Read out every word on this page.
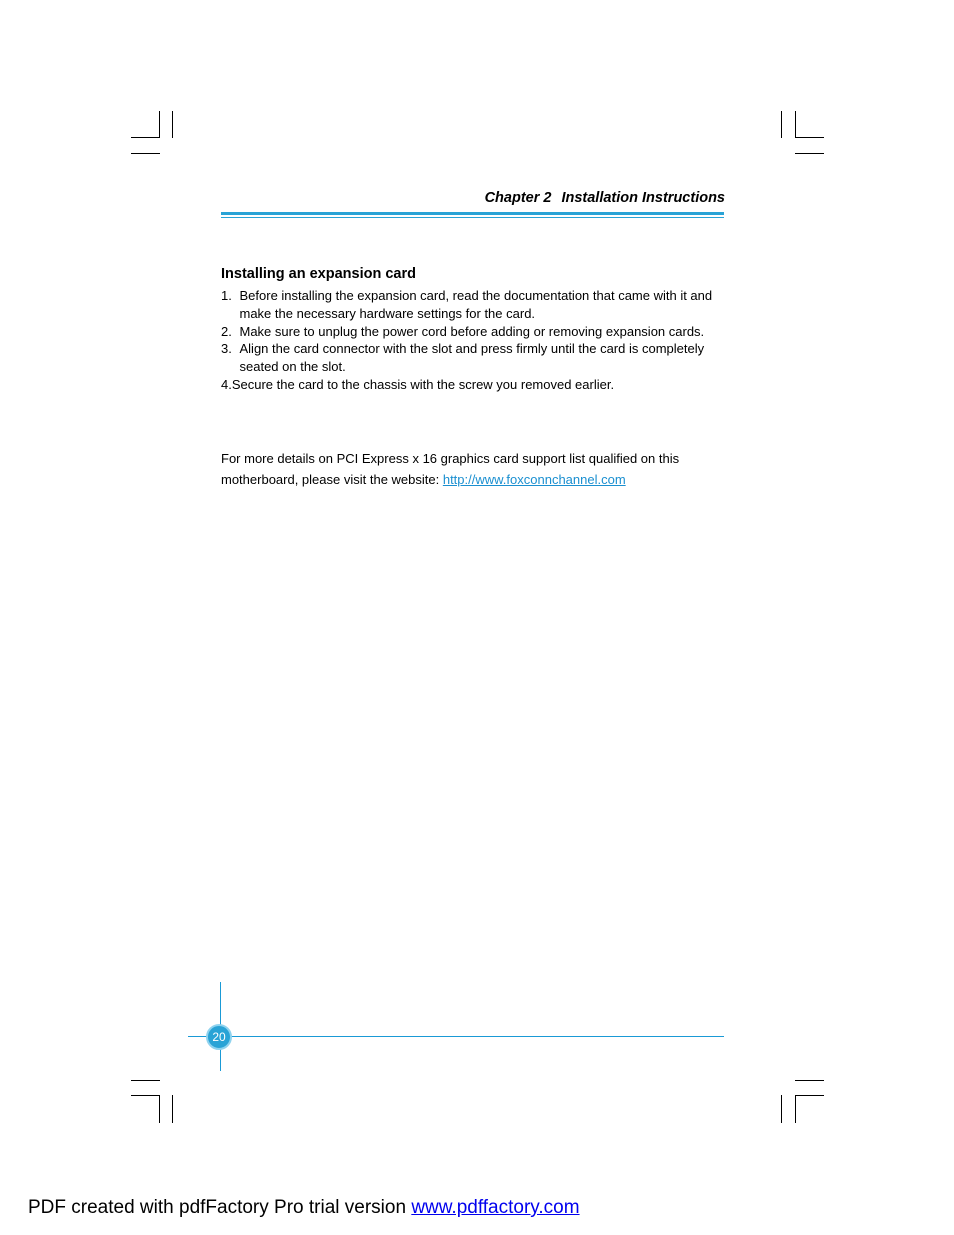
Chapter 2 Installation Instructions
Installing an expansion card
1. Before installing the expansion card, read the documentation that came with it and make the necessary hardware settings for the card.
2. Make sure to unplug the power cord before adding or removing expansion cards.
3. Align the card connector with the slot and press firmly until the card is completely seated on the slot.
4.Secure the card to the chassis with the screw you removed earlier.
For more details on PCI Express x 16 graphics card support list qualified on this motherboard, please visit the website: http://www.foxconnchannel.com
20
PDF created with pdfFactory Pro trial version www.pdffactory.com
